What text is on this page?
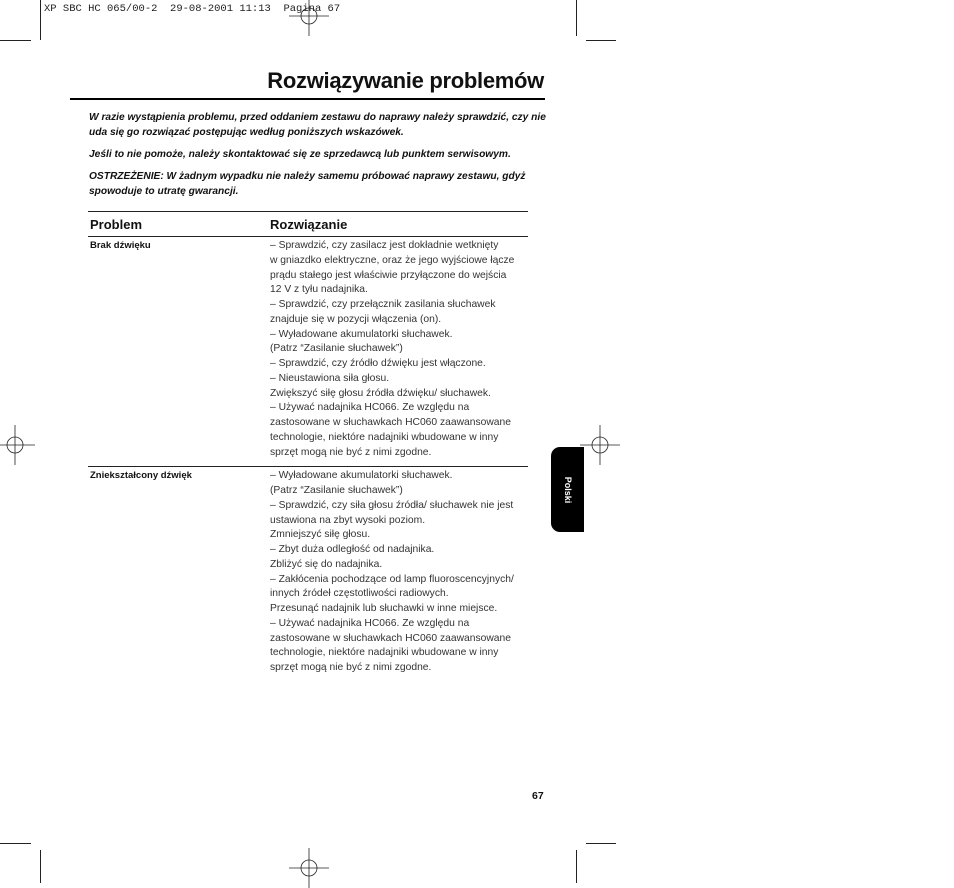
XP SBC HC 065/00-2  29-08-2001 11:13  Pagina 67
Rozwiązywanie problemów
W razie wystąpienia problemu, przed oddaniem zestawu do naprawy należy sprawdzić, czy nie uda się go rozwiązać postępując według poniższych wskazówek.
Jeśli to nie pomoże, należy skontaktować się ze sprzedawcą lub punktem serwisowym.
OSTRZEŻENIE: W żadnym wypadku nie należy samemu próbować naprawy zestawu, gdyż spowoduje to utratę gwarancji.
Problem	Rozwiązanie
Brak dźwięku	– Sprawdzić, czy zasilacz jest dokładnie wetknięty
w gniazdko elektryczne, oraz że jego wyjściowe łącze
prądu stałego jest właściwie przyłączone do wejścia
12 V z tyłu nadajnika.
– Sprawdzić, czy przełącznik zasilania słuchawek
znajduje się w pozycji włączenia (on).
– Wyładowane akumulatorki słuchawek.
(Patrz “Zasilanie słuchawek”)
– Sprawdzić, czy źródło dźwięku jest włączone.
– Nieustawiona siła głosu.
Zwiększyć siłę głosu źródła dźwięku/ słuchawek.
– Używać nadajnika HC066. Ze względu na
zastosowane w słuchawkach HC060 zaawansowane
technologie, niektóre nadajniki wbudowane w inny
sprzęt mogą nie być z nimi zgodne.
Zniekształcony dźwięk	– Wyładowane akumulatorki słuchawek.
(Patrz “Zasilanie słuchawek”)
– Sprawdzić, czy siła głosu źródła/ słuchawek nie jest
ustawiona na zbyt wysoki poziom.
Zmniejszyć siłę głosu.
– Zbyt duża odległość od nadajnika.
Zbliżyć się do nadajnika.
– Zakłócenia pochodzące od lamp fluoroscencyjnych/
innych źródeł częstotliwości radiowych.
Przesunąć nadajnik lub słuchawki w inne miejsce.
– Używać nadajnika HC066. Ze względu na
zastosowane w słuchawkach HC060 zaawansowane
technologie, niektóre nadajniki wbudowane w inny
sprzęt mogą nie być z nimi zgodne.
Polski
67
